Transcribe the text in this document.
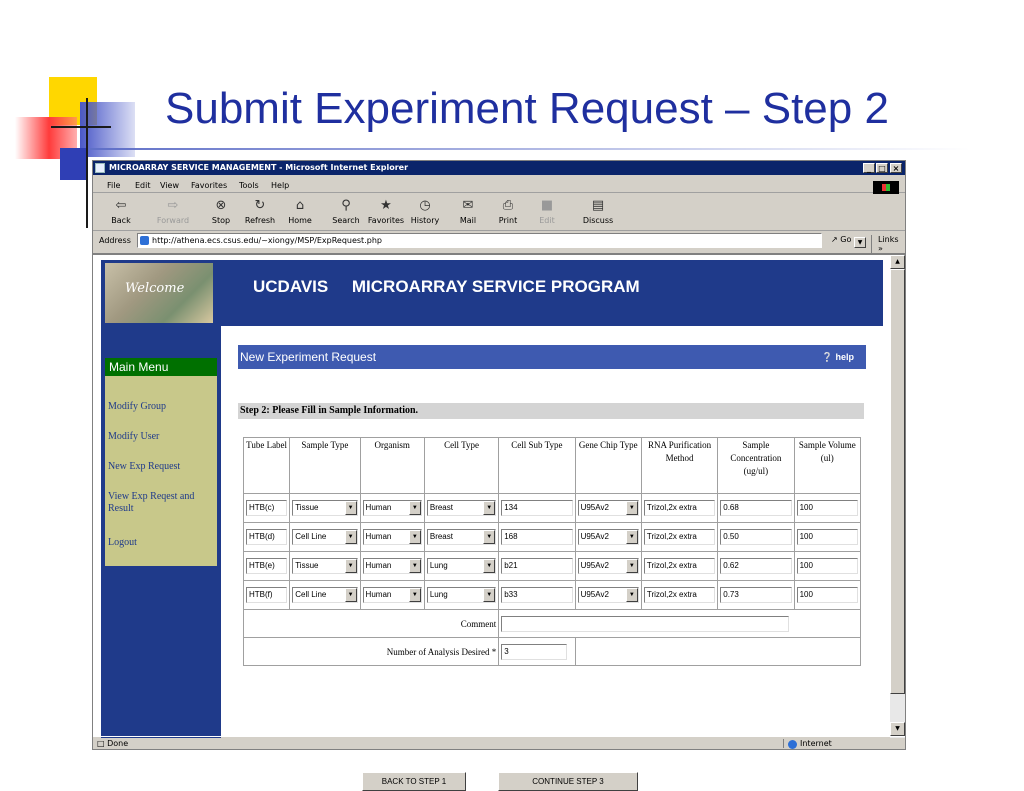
Submit Experiment Request – Step 2
MICROARRAY SERVICE MANAGEMENT - Microsoft Internet Explorer	_ □ ×
File Edit View Favorites Tools Help
⇦
Back
⇨
Forward
⊗
Stop
↻
Refresh
⌂
Home
⚲
Search
★
Favorites
◷
History
✉
Mail
⎙
Print
■
Edit
▤
Discuss
Address	http://athena.ecs.csus.edu/~xiongy/MSP/ExpRequest.php	▼
↗ Go	Links »
Welcome	UCDAVIS MICROARRAY SERVICE PROGRAM
Main Menu
Modify Group
Modify User
New Exp Request
View Exp Reqest and Result
Logout
New Experiment Request	❔ help
Step 2: Please Fill in Sample Information.
Tube Label	Sample Type	Organism	Cell Type	Cell Sub Type	Gene Chip Type	RNA Purification Method	Sample Concentration (ug/ul)	Sample Volume (ul)

HTB(c)	Tissue ▼	Human ▼	Breast ▼	134	U95Av2 ▼	Trizol,2x extra	0.68	100

HTB(d)	Cell Line ▼	Human ▼	Breast ▼	168	U95Av2 ▼	Trizol,2x extra	0.50	100

HTB(e)	Tissue ▼	Human ▼	Lung ▼	b21	U95Av2 ▼	Trizol,2x extra	0.62	100

HTB(f)	Cell Line ▼	Human ▼	Lung ▼	b33	U95Av2 ▼	Trizol,2x extra	0.73	100

Comment								

Number of Analysis Desired *				3				

BACK TO STEP 1	CONTINUE STEP 3
▲
▼
□ Done	Internet
